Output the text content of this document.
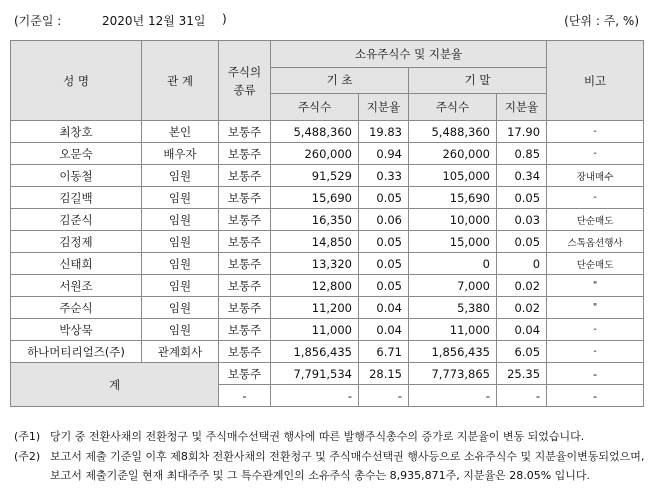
(기준일 :	2020년 12월 31일 )	(단위 : 주, %)
성 명	관 계	주식의 종류	소유주식수 및 지분율				비고
			기 초		기 말		
			주식수	지분율	주식수	지분율	
최창호	본인	보통주	5,488,360	19.83	5,488,360	17.90	-
오문숙	배우자	보통주	260,000	0.94	260,000	0.85	-
이동철	임원	보통주	91,529	0.33	105,000	0.34	장내매수
김길백	임원	보통주	15,690	0.05	15,690	0.05	-
김준식	임원	보통주	16,350	0.06	10,000	0.03	단순매도
김정제	임원	보통주	14,850	0.05	15,000	0.05	스톡옵션행사
신태희	임원	보통주	13,320	0.05	0	0	단순매도
서원조	임원	보통주	12,800	0.05	7,000	0.02	"
주순식	임원	보통주	11,200	0.04	5,380	0.02	"
박상묵	임원	보통주	11,000	0.04	11,000	0.04	-
하나머티리얼즈(주)	관계회사	보통주	1,856,435	6.71	1,856,435	6.05	-
계		보통주	7,791,534	28.15	7,773,865	25.35	-
		-	-	-	-	-	-
(주1) 당기 중 전환사채의 전환청구 및 주식매수선택권 행사에 따른 발행주식총수의 증가로 지분율이 변동 되었습니다.
(주2) 보고서 제출 기준일 이후 제8회차 전환사채의 전환청구 및 주식매수선택권 행사등으로 소유주식수 및 지분율이변동되었으며,
보고서 제출기준일 현재 최대주주 및 그 특수관계인의 소유주식 총수는 8,935,871주, 지분율은 28.05% 입니다.
